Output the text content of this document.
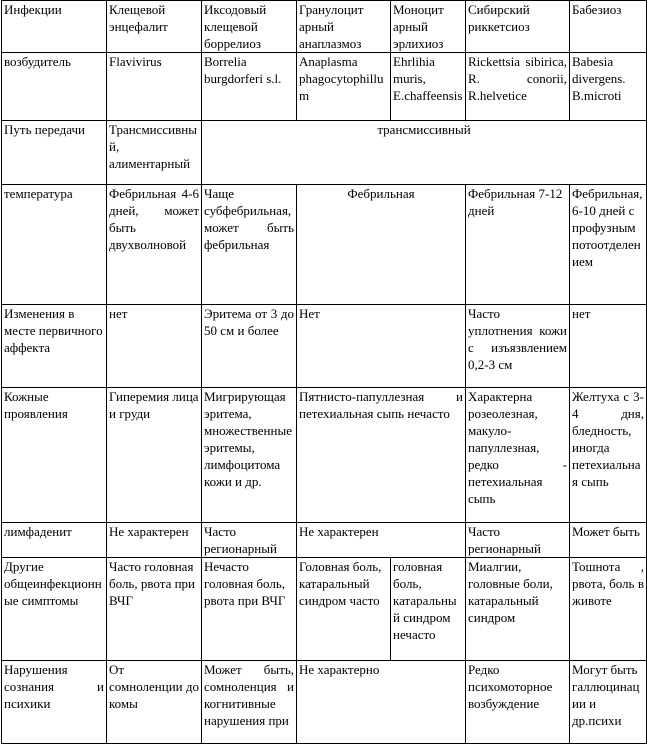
Инфекции	Клещевой энцефалит	Иксодовый клещевой боррелиоз	Гранулоцит арный анаплазмоз	Моноцит арный эрлихиоз	Сибирский риккетсиоз	Бабезиоз
возбудитель	Flavivirus	Borrelia burgdorferi s.l.	Anaplasma phagocytophillum	Ehrlihia muris, E.chaffeensis	Rickettsia sibirica, R. conorii, R.helvetice	Babesia divergens. B.microti
Путь передачи	Трансмиссивный, алиментарный	трансмиссивный				
температура	Фебрильная 4-6 дней, может быть двухволновой	Чаще субфебрильная, может быть фебрильная	Фебрильная		Фебрильная 7-12 дней	Фебрильная, 6-10 дней с профузным потоотделением
Изменения в месте первичного аффекта	нет	Эритема от 3 до 50 см и более	Нет		Часто уплотнения кожи с изъязвлением 0,2-3 см	нет
Кожные проявления	Гиперемия лица и груди	Мигрирующая эритема, множественные эритемы, лимфоцитома кожи и др.	Пятнисто-папуллезная и петехиальная сыпь нечасто		Характерна розеолезная, макуло-папуллезная, редко - петехиальная сыпь	Желтуха с 3-4 дня, бледность, иногда петехиальная сыпь
лимфаденит	Не характерен	Часто регионарный	Не характерен		Часто регионарный	Может быть
Другие общеинфекционные симптомы	Часто головная боль, рвота при ВЧГ	Нечасто головная боль, рвота при ВЧГ	Головная боль, катаральный синдром часто	головная боль, катаральный синдром нечасто	Миалгии, головные боли, катаральный синдром	Тошнота , рвота, боль в животе
Нарушения сознания и психики	От сомноленции до комы	Может быть, сомноленция и когнитивные нарушения при	Не характерно		Редко психомоторное возбуждение	Могут быть галлюцинации и др.психи
